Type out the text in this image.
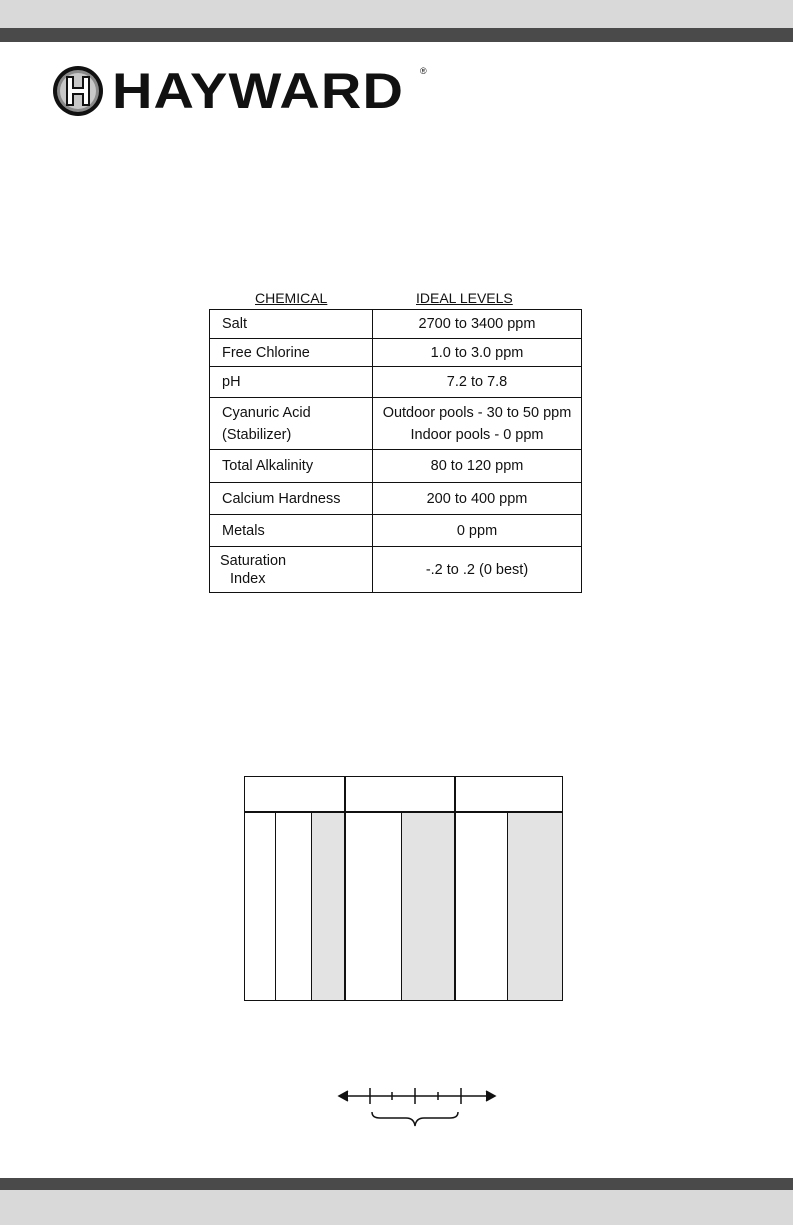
HAYWARD ®
CHEMICAL	IDEAL LEVELS
Salt	2700 to 3400 ppm

Free Chlorine	1.0 to 3.0 ppm

pH	7.2 to 7.8

Cyanuric Acid
(Stabilizer)	Outdoor pools - 30 to 50 ppm
Indoor pools - 0 ppm

Total Alkalinity	80 to 120 ppm

Calcium Hardness	200 to 400 ppm

Metals	0 ppm

Saturation
Index	-.2 to .2 (0 best)
